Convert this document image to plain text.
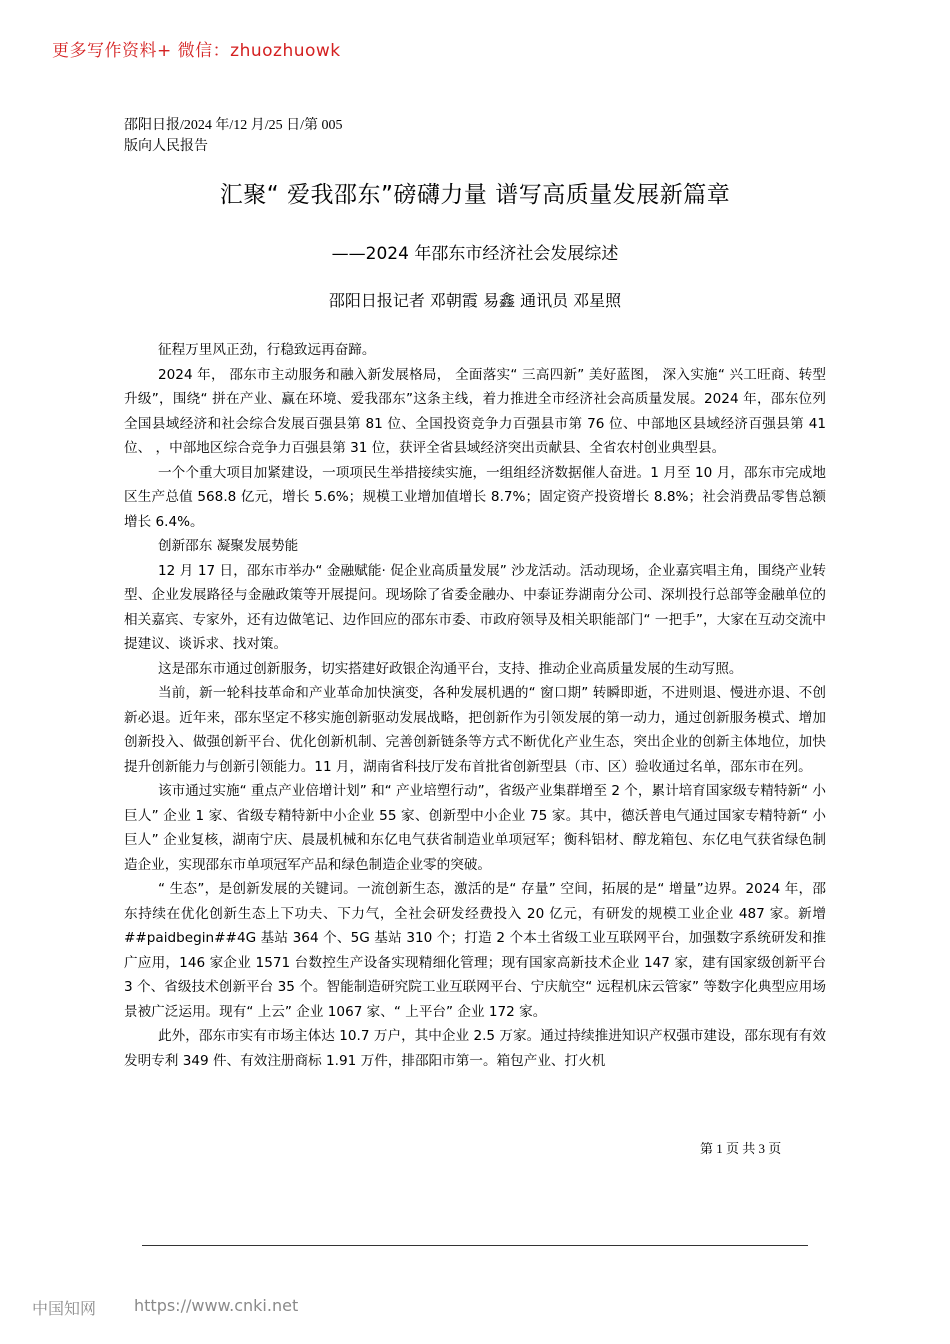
更多写作资料+ 微信：zhuozhuowk
邵阳日报/2024 年/12 月/25 日/第 005
版向人民报告
汇聚“ 爱我邵东”磅礴力量 谱写高质量发展新篇章
——2024 年邵东市经济社会发展综述
邵阳日报记者 邓朝霞 易鑫 通讯员 邓星照

征程万里风正劲，行稳致远再奋蹄。

2024 年， 邵东市主动服务和融入新发展格局， 全面落实“ 三高四新” 美好蓝图， 深入实施“ 兴工旺商、转型升级”，围绕“ 拼在产业、赢在环境、爱我邵东”这条主线，着力推进全市经济社会高质量发展。2024 年，邵东位列全国县域经济和社会综合发展百强县第 81 位、全国投资竞争力百强县市第 76 位、中部地区县域经济百强县第 41 位、 ，中部地区综合竞争力百强县第 31 位，获评全省县域经济突出贡献县、全省农村创业典型县。

一个个重大项目加紧建设，一项项民生举措接续实施，一组组经济数据催人奋进。1 月至 10 月，邵东市完成地区生产总值 568.8 亿元，增长 5.6%；规模工业增加值增长 8.7%；固定资产投资增长 8.8%；社会消费品零售总额增长 6.4%。

创新邵东 凝聚发展势能

12 月 17 日，邵东市举办“ 金融赋能· 促企业高质量发展” 沙龙活动。活动现场，企业嘉宾唱主角，围绕产业转型、企业发展路径与金融政策等开展提问。现场除了省委金融办、中泰证券湖南分公司、深圳投行总部等金融单位的相关嘉宾、专家外，还有边做笔记、边作回应的邵东市委、市政府领导及相关职能部门“ 一把手”，大家在互动交流中提建议、谈诉求、找对策。

这是邵东市通过创新服务，切实搭建好政银企沟通平台，支持、推动企业高质量发展的生动写照。

当前，新一轮科技革命和产业革命加快演变，各种发展机遇的“ 窗口期” 转瞬即逝，不进则退、慢进亦退、不创新必退。近年来，邵东坚定不移实施创新驱动发展战略，把创新作为引领发展的第一动力，通过创新服务模式、增加创新投入、做强创新平台、优化创新机制、完善创新链条等方式不断优化产业生态，突出企业的创新主体地位，加快提升创新能力与创新引领能力。11 月，湖南省科技厅发布首批省创新型县（市、区）验收通过名单，邵东市在列。

该市通过实施“ 重点产业倍增计划” 和“ 产业培塑行动”，省级产业集群增至 2 个，累计培育国家级专精特新“ 小巨人” 企业 1 家、省级专精特新中小企业 55 家、创新型中小企业 75 家。其中，德沃普电气通过国家专精特新“ 小巨人” 企业复核，湖南宁庆、晨晟机械和东亿电气获省制造业单项冠军；衡科铝材、醇龙箱包、东亿电气获省绿色制造企业，实现邵东市单项冠军产品和绿色制造企业零的突破。

“ 生态”，是创新发展的关键词。一流创新生态，激活的是“ 存量” 空间，拓展的是“ 增量”边界。2024 年，邵东持续在优化创新生态上下功夫、下力气，全社会研发经费投入 20 亿元，有研发的规模工业企业 487 家。新增 ##paidbegin##4G 基站 364 个、5G 基站 310 个；打造 2 个本土省级工业互联网平台，加强数字系统研发和推广应用，146 家企业 1571 台数控生产设备实现精细化管理；现有国家高新技术企业 147 家，建有国家级创新平台 3 个、省级技术创新平台 35 个。智能制造研究院工业互联网平台、宁庆航空“ 远程机床云管家” 等数字化典型应用场景被广泛运用。现有“ 上云” 企业 1067 家、“ 上平台” 企业 172 家。

此外，邵东市实有市场主体达 10.7 万户，其中企业 2.5 万家。通过持续推进知识产权强市建设，邵东现有有效发明专利 349 件、有效注册商标 1.91 万件，排邵阳市第一。箱包产业、打火机

第 1 页 共 3 页
中国知网 https://www.cnki.net
